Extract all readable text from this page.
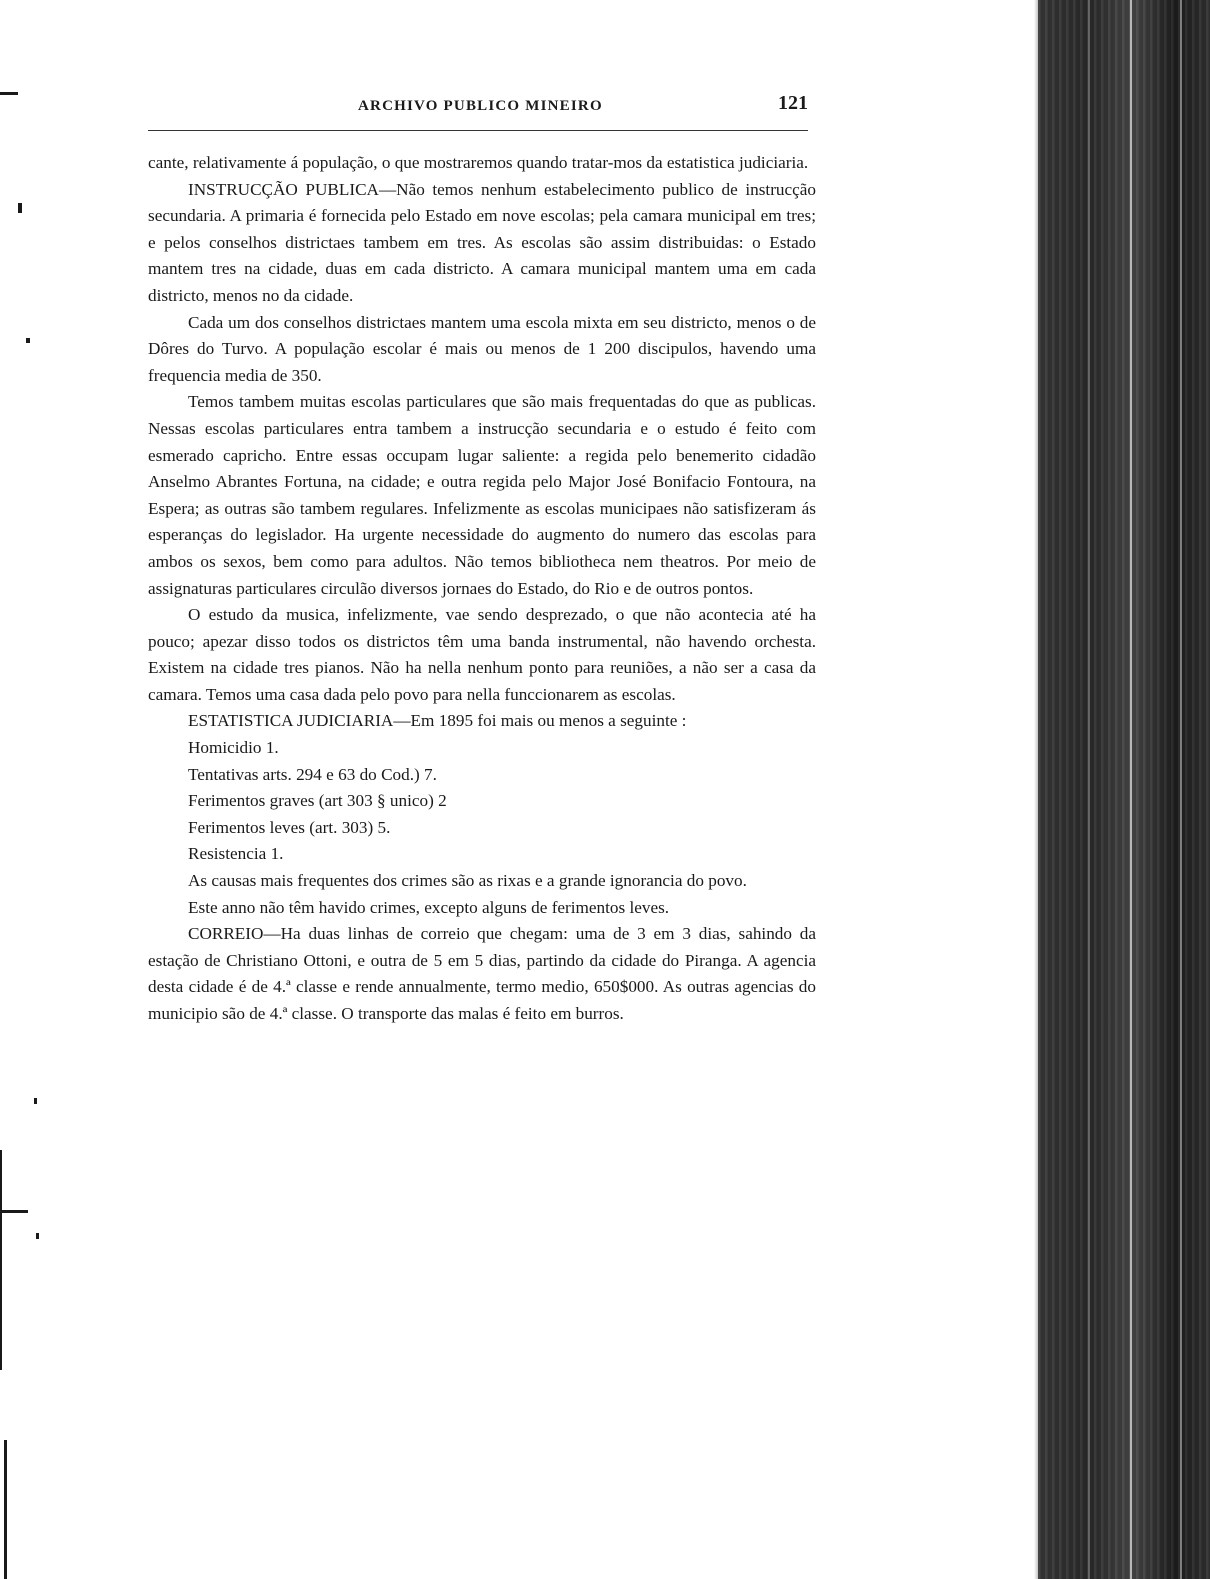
ARCHIVO PUBLICO MINEIRO	121

cante, relativamente á população, o que mostraremos quando tratar-mos da estatistica judiciaria.

INSTRUCÇÃO PUBLICA—Não temos nenhum estabelecimento publico de instrucção secundaria. A primaria é fornecida pelo Estado em nove escolas; pela camara municipal em tres; e pelos conselhos districtaes tambem em tres. As escolas são assim distribuidas: o Estado mantem tres na cidade, duas em cada districto. A camara municipal mantem uma em cada districto, menos no da cidade.

Cada um dos conselhos districtaes mantem uma escola mixta em seu districto, menos o de Dôres do Turvo. A população escolar é mais ou menos de 1 200 discipulos, havendo uma frequencia media de 350.

Temos tambem muitas escolas particulares que são mais frequentadas do que as publicas. Nessas escolas particulares entra tambem a instrucção secundaria e o estudo é feito com esmerado capricho. Entre essas occupam lugar saliente: a regida pelo benemerito cidadão Anselmo Abrantes Fortuna, na cidade; e outra regida pelo Major José Bonifacio Fontoura, na Espera; as outras são tambem regulares. Infelizmente as escolas municipaes não satisfizeram ás esperanças do legislador. Ha urgente necessidade do augmento do numero das escolas para ambos os sexos, bem como para adultos. Não temos bibliotheca nem theatros. Por meio de assignaturas particulares circulão diversos jornaes do Estado, do Rio e de outros pontos.

O estudo da musica, infelizmente, vae sendo desprezado, o que não acontecia até ha pouco; apezar disso todos os districtos têm uma banda instrumental, não havendo orchesta. Existem na cidade tres pianos. Não ha nella nenhum ponto para reuniões, a não ser a casa da camara. Temos uma casa dada pelo povo para nella funccionarem as escolas.

ESTATISTICA JUDICIARIA—Em 1895 foi mais ou menos a seguinte :

Homicidio 1.
Tentativas arts. 294 e 63 do Cod.) 7.
Ferimentos graves (art 303 § unico) 2
Ferimentos leves (art. 303) 5.
Resistencia 1.

As causas mais frequentes dos crimes são as rixas e a grande ignorancia do povo.

Este anno não têm havido crimes, excepto alguns de ferimentos leves.

CORREIO—Ha duas linhas de correio que chegam: uma de 3 em 3 dias, sahindo da estação de Christiano Ottoni, e outra de 5 em 5 dias, partindo da cidade do Piranga. A agencia desta cidade é de 4.ª classe e rende annualmente, termo medio, 650$000. As outras agencias do municipio são de 4.ª classe. O transporte das malas é feito em burros.
